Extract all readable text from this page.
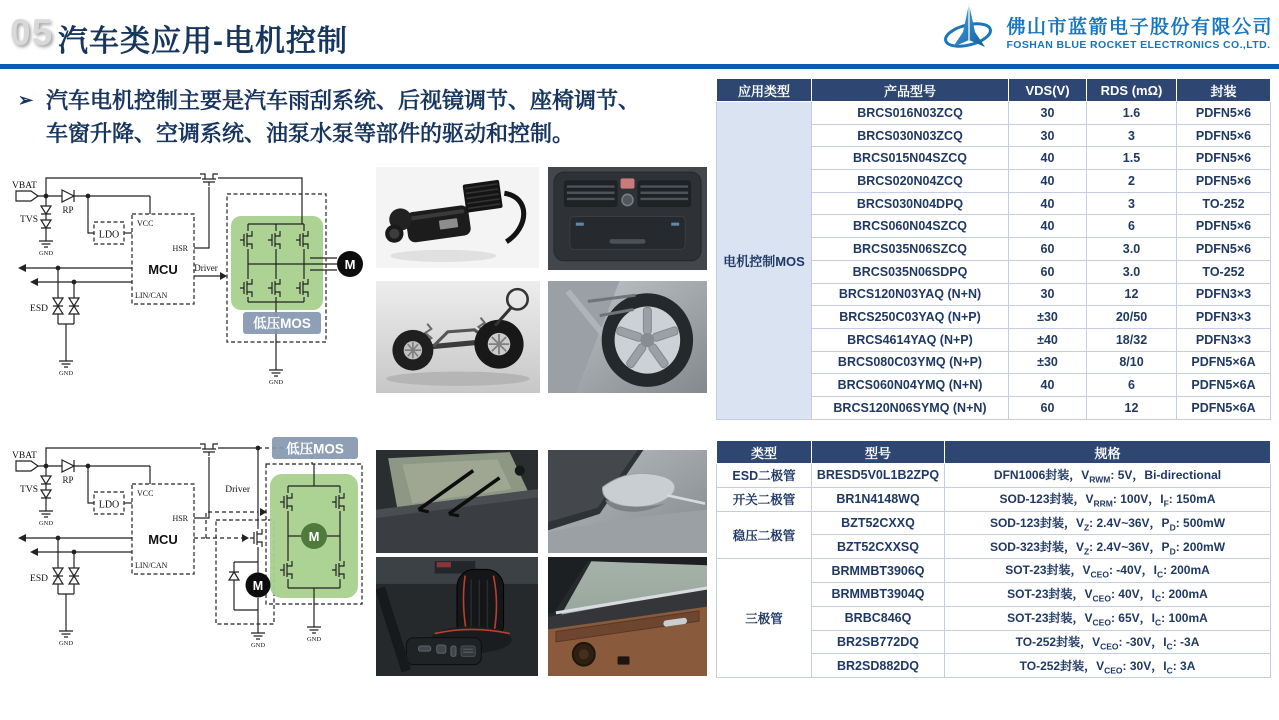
05 汽车类应用-电机控制	佛山市蓝箭电子股份有限公司
FOSHAN BLUE ROCKET ELECTRONICS CO.,LTD.
➢ 汽车电机控制主要是汽车雨刮系统、后视镜调节、座椅调节、
车窗升降、空调系统、油泵水泵等部件的驱动和控制。
VBAT
RP
TVS
LDO
VCC
HSR
MCU
LIN/CAN
Driver
ESD
M
低压MOS
GND
GND
GND
VBAT
RP
TVS
LDO
VCC
HSR
MCU
LIN/CAN
Driver
ESD	M
M
低压MOS
GND
GND	GND
GND
应用类型	产品型号	VDS(V)	RDS (mΩ)	封装
电机控制MOS	BRCS016N03ZCQ	30	1.6	PDFN5×6
	BRCS030N03ZCQ	30	3	PDFN5×6
	BRCS015N04SZCQ	40	1.5	PDFN5×6
	BRCS020N04ZCQ	40	2	PDFN5×6
	BRCS030N04DPQ	40	3	TO-252
	BRCS060N04SZCQ	40	6	PDFN5×6
	BRCS035N06SZCQ	60	3.0	PDFN5×6
	BRCS035N06SDPQ	60	3.0	TO-252
	BRCS120N03YAQ (N+N)	30	12	PDFN3×3
	BRCS250C03YAQ (N+P)	±30	20/50	PDFN3×3
	BRCS4614YAQ (N+P)	±40	18/32	PDFN3×3
	BRCS080C03YMQ (N+P)	±30	8/10	PDFN5×6A
	BRCS060N04YMQ (N+N)	40	6	PDFN5×6A
	BRCS120N06SYMQ (N+N)	60	12	PDFN5×6A
类型	型号	规格
ESD二极管	BRESD5V0L1B2ZPQ	DFN1006封装，$V_{RWM}$: 5V，Bi-directional
开关二极管	BR1N4148WQ	SOD-123封装，$V_{RRM}$: 100V，$I_F$: 150mA
稳压二极管	BZT52CXXQ	SOD-123封装，$V_Z$: 2.4V~36V，$P_D$: 500mW
	BZT52CXXSQ	SOD-323封装，$V_Z$: 2.4V~36V，$P_D$: 200mW
三极管	BRMMBT3906Q	SOT-23封装，$V_{CEO}$: -40V，$I_C$: 200mA
	BRMMBT3904Q	SOT-23封装，$V_{CEO}$: 40V，$I_C$: 200mA
	BRBC846Q	SOT-23封装，$V_{CEO}$: 65V，$I_C$: 100mA
	BR2SB772DQ	TO-252封装，$V_{CEO}$: -30V，$I_C$: -3A
	BR2SD882DQ	TO-252封装，$V_{CEO}$: 30V，$I_C$: 3A
